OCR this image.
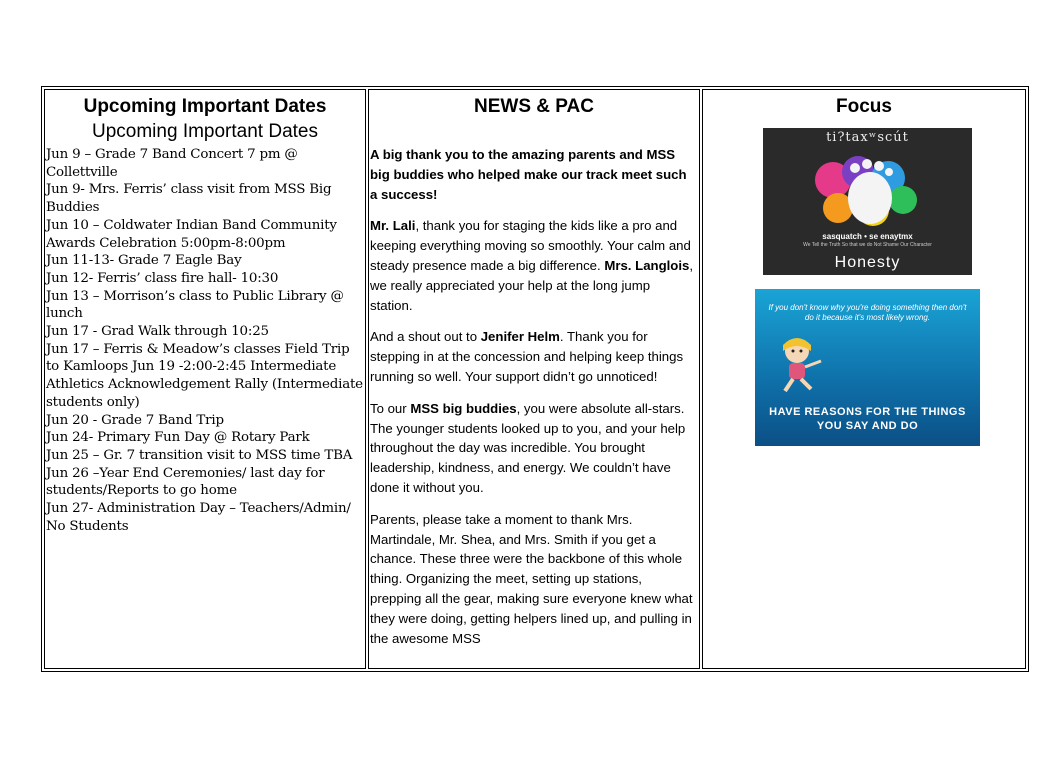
Upcoming Important Dates
Upcoming Important Dates
Jun 9 – Grade 7 Band Concert 7 pm @ Collettville
Jun 9- Mrs. Ferris’ class visit from MSS Big Buddies
Jun 10 – Coldwater Indian Band Community Awards Celebration 5:00pm-8:00pm
Jun 11-13- Grade 7 Eagle Bay
Jun 12- Ferris’ class fire hall- 10:30
Jun 13 – Morrison’s class to Public Library @ lunch
Jun 17 - Grad Walk through 10:25
Jun 17 – Ferris & Meadow’s classes Field Trip to Kamloops Jun 19 -2:00-2:45 Intermediate Athletics Acknowledgement Rally (Intermediate students only)
Jun 20 - Grade 7 Band Trip
Jun 24- Primary Fun Day @ Rotary Park
Jun 25 – Gr. 7 transition visit to MSS time TBA
Jun 26 –Year End Ceremonies/ last day for students/Reports to go home
Jun 27- Administration Day – Teachers/Admin/ No Students
NEWS & PAC

A big thank you to the amazing parents and MSS big buddies who helped make our track meet such a success!

Mr. Lali, thank you for staging the kids like a pro and keeping everything moving so smoothly. Your calm and steady presence made a big difference. Mrs. Langlois, we really appreciated your help at the long jump station.

And a shout out to Jenifer Helm. Thank you for stepping in at the concession and helping keep things running so well. Your support didn’t go unnoticed!

To our MSS big buddies, you were absolute all-stars. The younger students looked up to you, and your help throughout the day was incredible. You brought leadership, kindness, and energy. We couldn’t have done it without you.

Parents, please take a moment to thank Mrs. Martindale, Mr. Shea, and Mrs. Smith if you get a chance. These three were the backbone of this whole thing. Organizing the meet, setting up stations, prepping all the gear, making sure everyone knew what they were doing, getting helpers lined up, and pulling in the awesome MSS

Focus
ti?taxʷscút
sasquatch • se enaytmx
We Tell the Truth So that we do Not Shame Our Character
Honesty
If you don't know why you're doing something then don't do it because it's most likely wrong.
HAVE REASONS FOR THE THINGS YOU SAY AND DO
